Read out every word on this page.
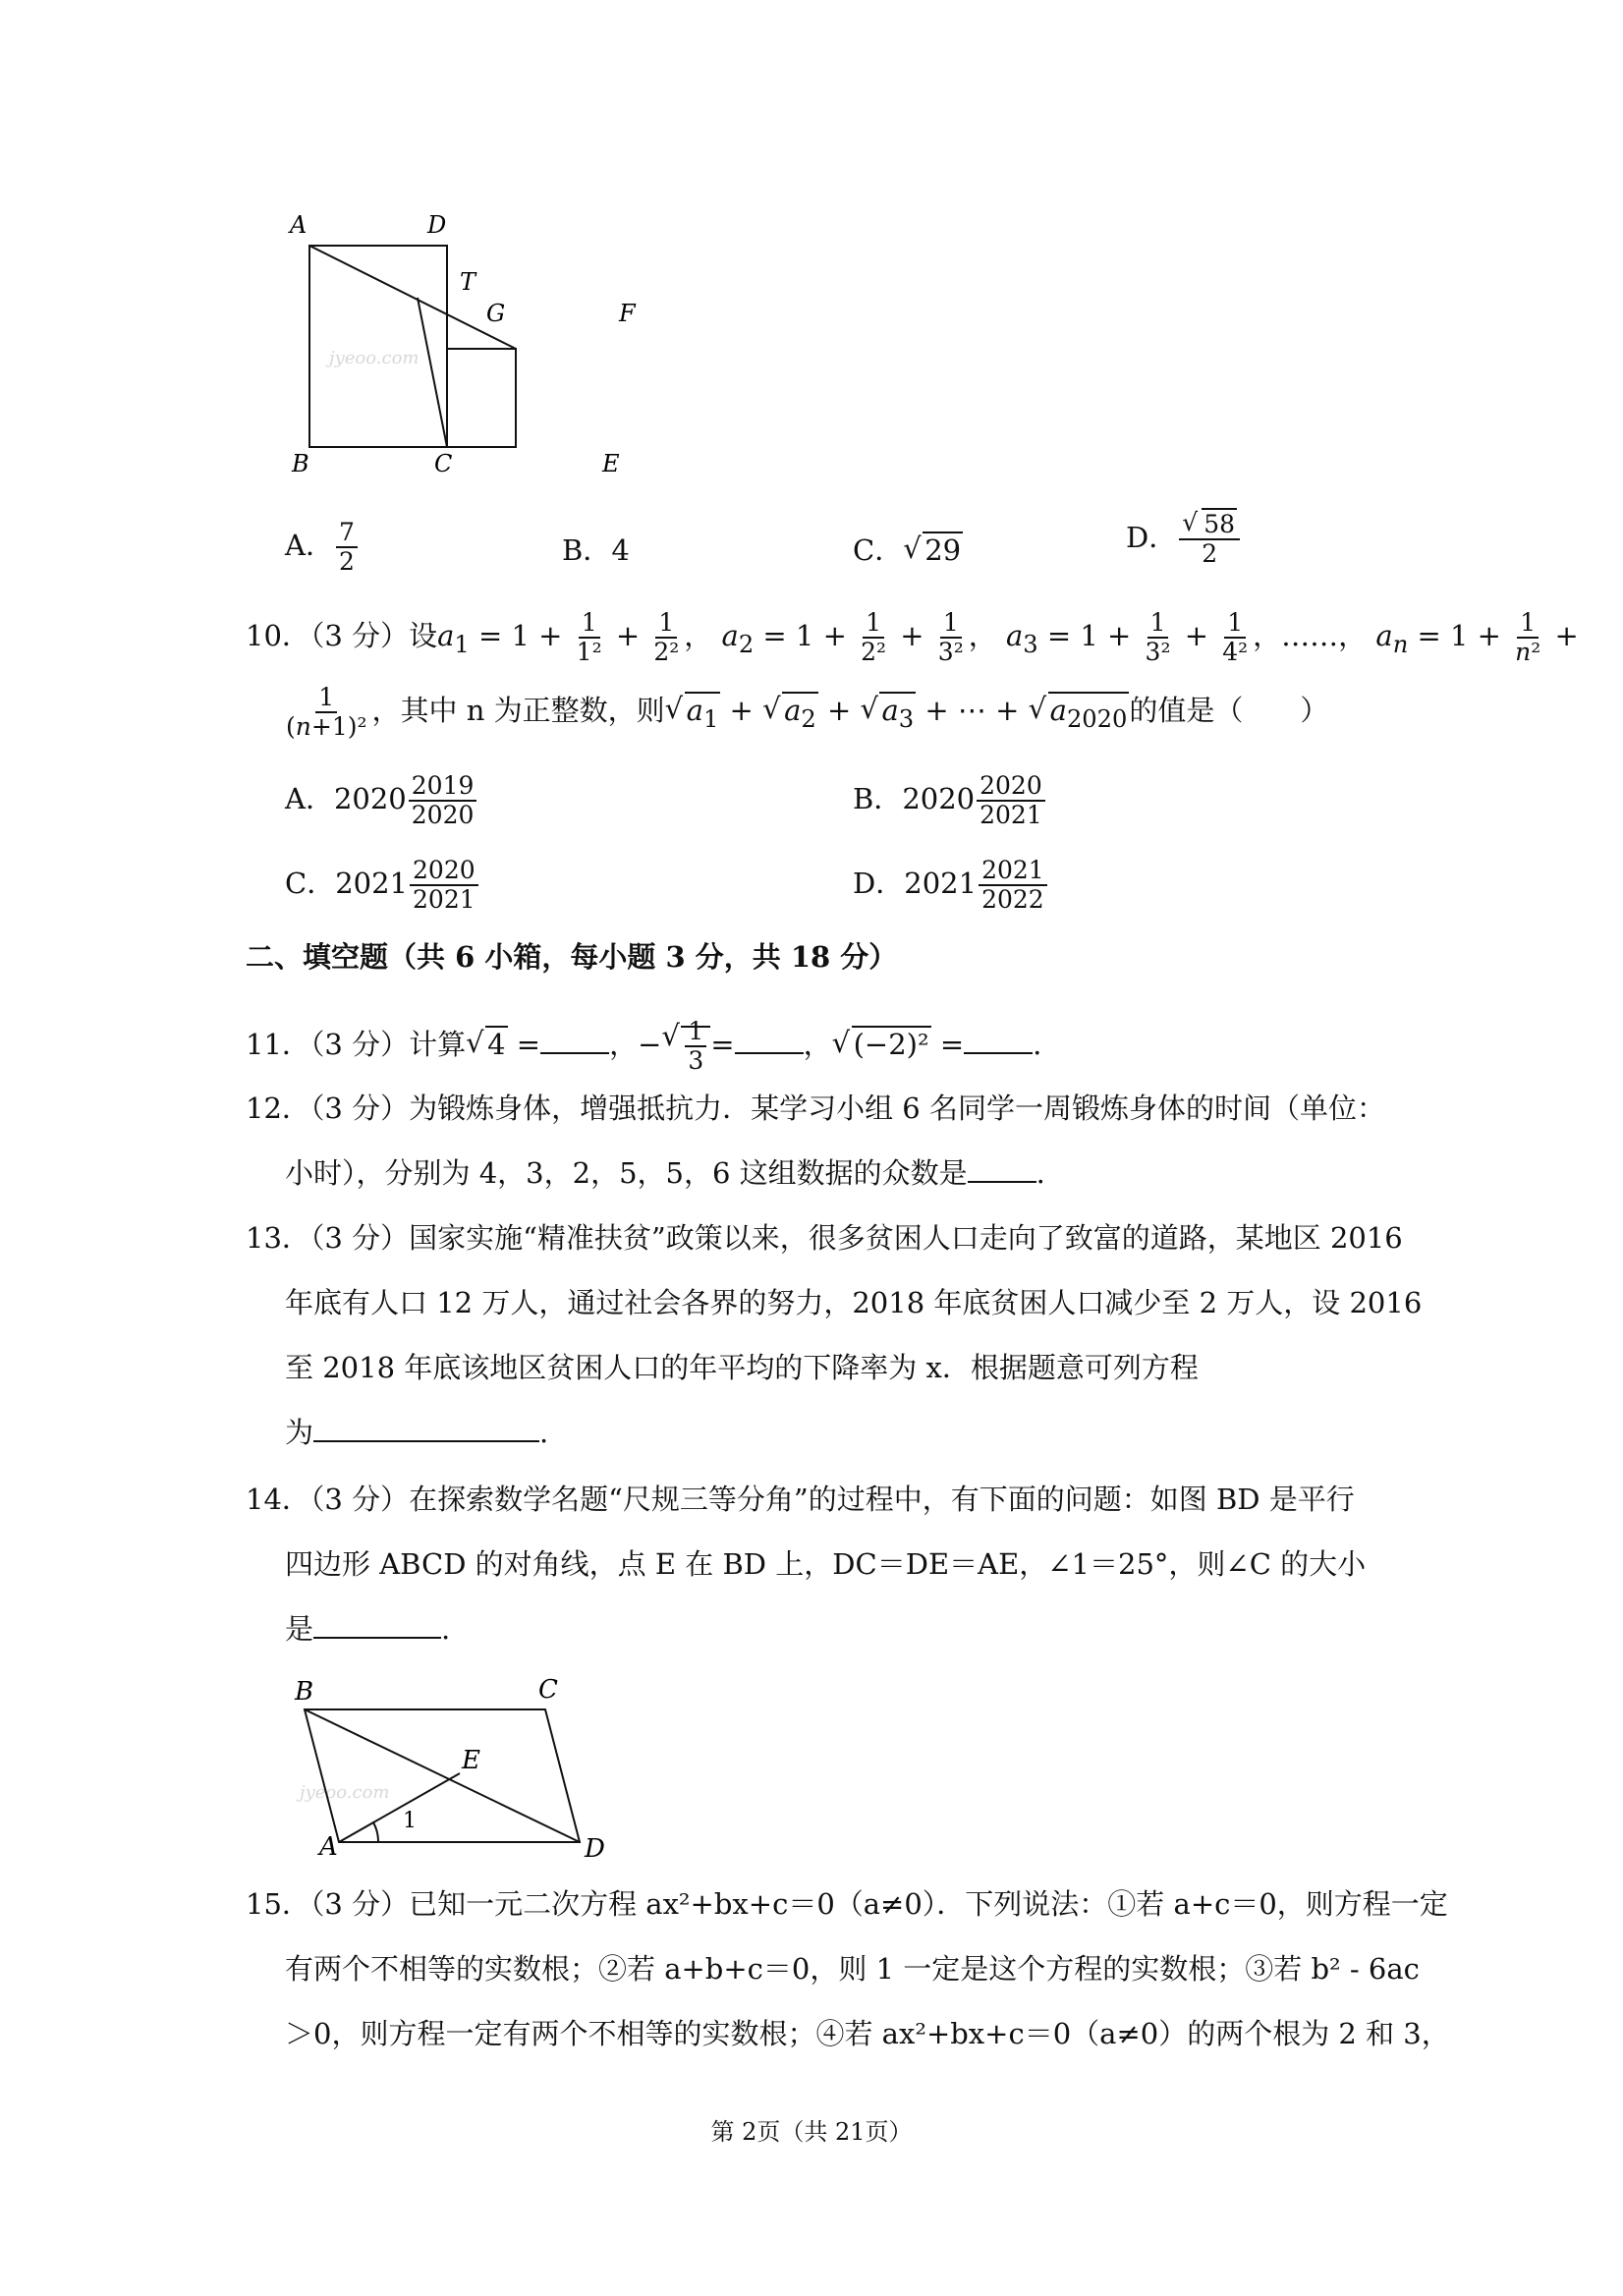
A	D
T
G	F
B	C	E
jyeoo.com
A． $\frac{7}{2}$	B．4	C． √ 29	D． √ $\frac{58}{2}$
10．（3 分）设$a_1 = 1 + \frac{1}{\text{1²}} + \frac{1}{\text{2²}}$ ， $a_2 = 1 + \frac{1}{\text{2²}} + \frac{1}{\text{3²}}$ ， $a_3 = 1 + \frac{1}{\text{3²}} + \frac{1}{\text{4²}}$ ，……， $a_n = 1 + \frac{1}{\text{n²}}$ +
$\frac{1}{\text{(n+1)²}}$ ，其中 n 为正整数，则 √ $a_1$ + √ $a_2$ + √ $a_3$ + ⋯ + √ $a_{2020}$的值是（　　）
A．$2020 \frac{2019}{2020}$	B．$2020 \frac{2020}{2021}$
C．$2021 \frac{2020}{2021}$	D．$2021 \frac{2021}{2022}$
二、填空题（共 6 小箱，每小题 3 分，共 18 分）
11．（3 分）计算 √ 4 = ，− √ $\frac{1}{3}$ = ， √ (−2)² = .
12．（3 分）为锻炼身体，增强抵抗力．某学习小组 6 名同学一周锻炼身体的时间（单位：
小时），分别为 4，3，2，5，5，6 这组数据的众数是 .
13．（3 分）国家实施“精准扶贫”政策以来，很多贫困人口走向了致富的道路，某地区 2016
年底有人口 12 万人，通过社会各界的努力，2018 年底贫困人口减少至 2 万人，设 2016
至 2018 年底该地区贫困人口的年平均的下降率为 x．根据题意可列方程
为	.
14．（3 分）在探索数学名题“尺规三等分角”的过程中，有下面的问题：如图 BD 是平行
四边形 ABCD 的对角线，点 E 在 BD 上，DC＝DE＝AE，∠1＝25°，则∠C 的大小
是	.
B	C
E
A	D
1
jyeoo.com
15．（3 分）已知一元二次方程 ax²+bx+c＝0（a≠0）．下列说法：①若 a+c＝0，则方程一定
有两个不相等的实数根；②若 a+b+c＝0，则 1 一定是这个方程的实数根；③若 b² - 6ac
＞0，则方程一定有两个不相等的实数根；④若 ax²+bx+c＝0（a≠0）的两个根为 2 和 3，
第 2页（共 21页）
